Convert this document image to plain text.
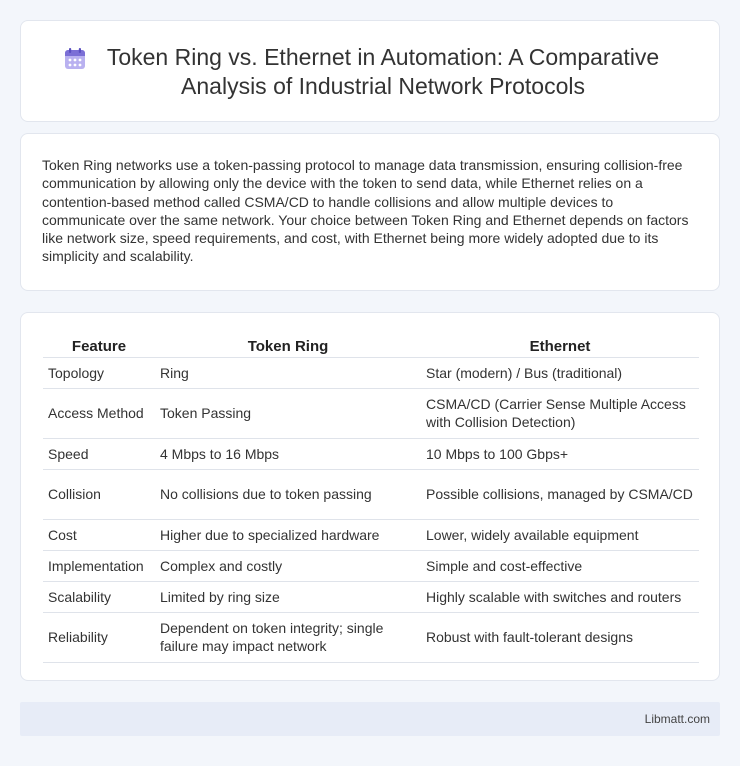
Token Ring vs. Ethernet in Automation: A Comparative Analysis of Industrial Network Protocols

Token Ring networks use a token-passing protocol to manage data transmission, ensuring collision-free communication by allowing only the device with the token to send data, while Ethernet relies on a contention-based method called CSMA/CD to handle collisions and allow multiple devices to communicate over the same network. Your choice between Token Ring and Ethernet depends on factors like network size, speed requirements, and cost, with Ethernet being more widely adopted due to its simplicity and scalability.

Feature	Token Ring	Ethernet
Topology	Ring	Star (modern) / Bus (traditional)
Access Method	Token Passing	CSMA/CD (Carrier Sense Multiple Access with Collision Detection)
Speed	4 Mbps to 16 Mbps	10 Mbps to 100 Gbps+
Collision	No collisions due to token passing	Possible collisions, managed by CSMA/CD
Cost	Higher due to specialized hardware	Lower, widely available equipment
Implementation	Complex and costly	Simple and cost-effective
Scalability	Limited by ring size	Highly scalable with switches and routers
Reliability	Dependent on token integrity; single failure may impact network	Robust with fault-tolerant designs
Libmatt.com
